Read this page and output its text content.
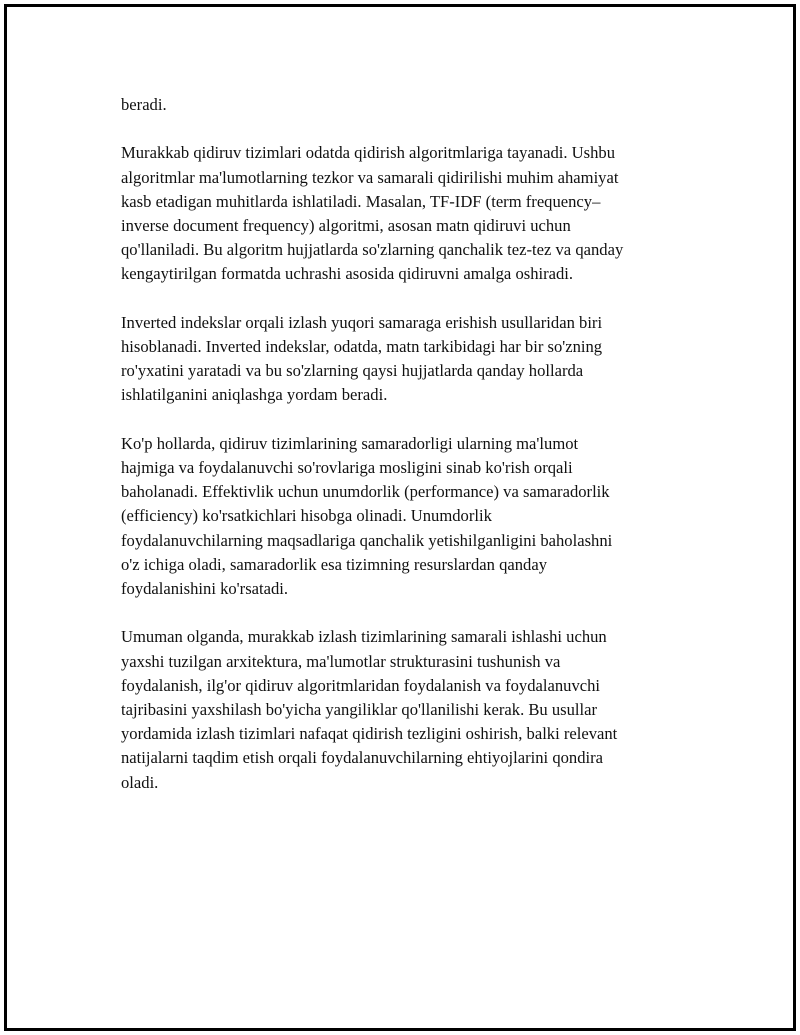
beradi.

Murakkab qidiruv tizimlari odatda qidirish algoritmlariga tayanadi. Ushbu
algoritmlar ma'lumotlarning tezkor va samarali qidirilishi muhim ahamiyat
kasb etadigan muhitlarda ishlatiladi. Masalan, TF-IDF (term frequency–
inverse document frequency) algoritmi, asosan matn qidiruvi uchun
qo'llaniladi. Bu algoritm hujjatlarda so'zlarning qanchalik tez-tez va qanday
kengaytirilgan formatda uchrashi asosida qidiruvni amalga oshiradi.

Inverted indekslar orqali izlash yuqori samaraga erishish usullaridan biri
hisoblanadi. Inverted indekslar, odatda, matn tarkibidagi har bir so'zning
ro'yxatini yaratadi va bu so'zlarning qaysi hujjatlarda qanday hollarda
ishlatilganini aniqlashga yordam beradi.

Ko'p hollarda, qidiruv tizimlarining samaradorligi ularning ma'lumot
hajmiga va foydalanuvchi so'rovlariga mosligini sinab ko'rish orqali
baholanadi. Effektivlik uchun unumdorlik (performance) va samaradorlik
(efficiency) ko'rsatkichlari hisobga olinadi. Unumdorlik
foydalanuvchilarning maqsadlariga qanchalik yetishilganligini baholashni
o'z ichiga oladi, samaradorlik esa tizimning resurslardan qanday
foydalanishini ko'rsatadi.

Umuman olganda, murakkab izlash tizimlarining samarali ishlashi uchun
yaxshi tuzilgan arxitektura, ma'lumotlar strukturasini tushunish va
foydalanish, ilg'or qidiruv algoritmlaridan foydalanish va foydalanuvchi
tajribasini yaxshilash bo'yicha yangiliklar qo'llanilishi kerak. Bu usullar
yordamida izlash tizimlari nafaqat qidirish tezligini oshirish, balki relevant
natijalarni taqdim etish orqali foydalanuvchilarning ehtiyojlarini qondira
oladi.
